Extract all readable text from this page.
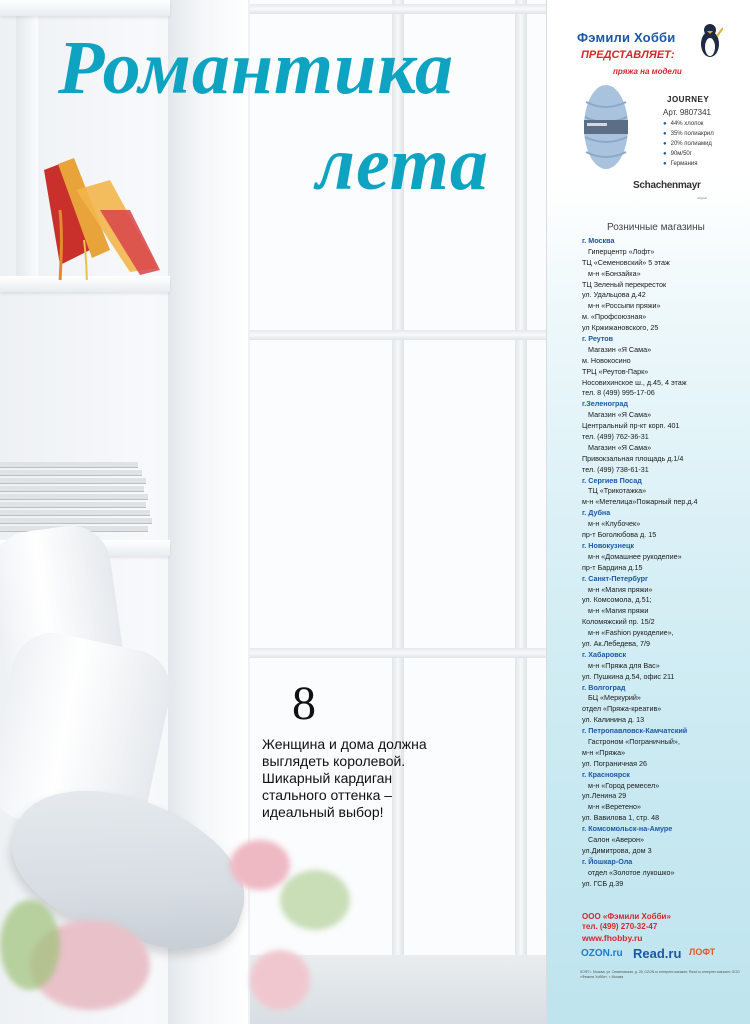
Романтика
лета
8

Женщина и дома должна
выглядеть королевой.
Шикарный кардиган
стального оттенка –
идеальный выбор!

Фэмили Хобби
ПРЕДСТАВЛЯЕТ:
пряжа на модели
JOURNEY
Арт. 9807341
● 44% хлопок
● 35% полиакрил
● 20% полиамид
● 90м/50г
● Германия
Schachenmayr
original
Розничные магазины
г. Москва
Гиперцентр «Лофт»
ТЦ «Семеновский» 5 этаж
м-н «Бонзайка»
ТЦ Зеленый перекресток
ул. Удальцова д.42
м-н «Россыпи пряжи»
м. «Профсоюзная»
ул Кржижановского, 25
г. Реутов
Магазин «Я Сама»
м. Новокосино
ТРЦ «Реутов-Парк»
Носовихинское ш., д.45, 4 этаж
тел. 8 (499) 995-17-06
г.Зеленоград
Магазин «Я Сама»
Центральный пр-кт корп. 401
тел. (499) 762-36-31
Магазин «Я Сама»
Привокзальная площадь д.1/4
тел. (499) 738-61-31
г. Сергиев Посад
ТЦ «Трикотажка»
м-н «Метелица»Пожарный пер.д.4
г. Дубна
м-н «Клубочек»
пр-т Боголюбова д. 15
г. Новокузнецк
м-н «Домашнее рукоделие»
пр-т Бардина д.15
г. Санкт-Петербург
м-н «Магия пряжи»
ул. Комсомола, д.51;
м-н «Магия пряжи
Коломяжский пр. 15/2
м-н «Fashion рукоделие»,
ул. Ак.Лебедева, 7/9
г. Хабаровск
м-н «Пряжа для Вас»
ул. Пушкина д.54, офис 211
г. Волгоград
БЦ «Меркурий»
отдел «Пряжа-креатив»
ул. Калинина д. 13
г. Петропавловск-Камчатский
Гастроном «Пограничный»,
м-н «Пряжа»
ул. Пограничная 26
г. Красноярск
м-н «Город ремесел»
ул.Ленина 29
м-н «Веретено»
ул. Вавилова 1, стр. 48
г. Комсомольск-на-Амуре
Салон «Аверон»
ул.Димитрова, дом 3
г. Йошкар-Ола
отдел «Золотое лукошко»
ул. ГСБ д.39
ООО «Фэмили Хобби»
тел. (499) 270-32-47
www.fhobby.ru
OZON.ru Read.ru ЛОФТ

ЛОФТ г. Москва, ул. Семеновская, д. 25; OZON.ru интернет-магазин; Read.ru интернет-магазин; ООО «Фэмили Хобби», г. Москва
